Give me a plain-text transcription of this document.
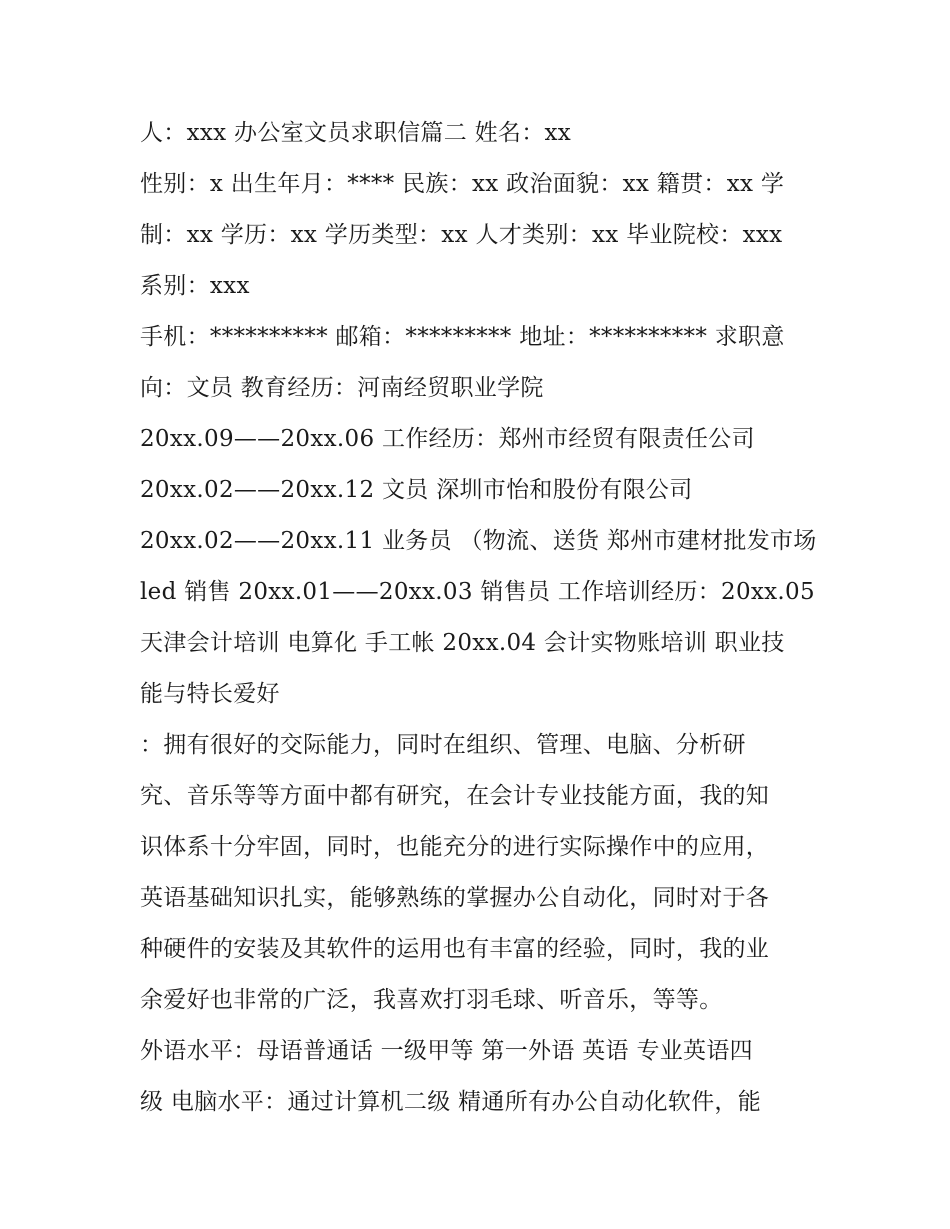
人：xxx 办公室文员求职信篇二 姓名：xx
性别：x 出生年月：**** 民族：xx 政治面貌：xx 籍贯：xx 学
制：xx 学历：xx 学历类型：xx 人才类别：xx 毕业院校：xxx
系别：xxx
手机：********** 邮箱：********* 地址：********** 求职意
向：文员 教育经历：河南经贸职业学院
20xx.09——20xx.06 工作经历：郑州市经贸有限责任公司
20xx.02——20xx.12 文员 深圳市怡和股份有限公司
20xx.02——20xx.11 业务员 （物流、送货 郑州市建材批发市场
led 销售 20xx.01——20xx.03 销售员 工作培训经历：20xx.05
天津会计培训 电算化 手工帐 20xx.04 会计实物账培训 职业技
能与特长爱好
：拥有很好的交际能力，同时在组织、管理、电脑、分析研
究、音乐等等方面中都有研究，在会计专业技能方面，我的知
识体系十分牢固，同时，也能充分的进行实际操作中的应用，
英语基础知识扎实，能够熟练的掌握办公自动化，同时对于各
种硬件的安装及其软件的运用也有丰富的经验，同时，我的业
余爱好也非常的广泛，我喜欢打羽毛球、听音乐，等等。
外语水平：母语普通话 一级甲等 第一外语 英语 专业英语四
级 电脑水平：通过计算机二级 精通所有办公自动化软件，能
